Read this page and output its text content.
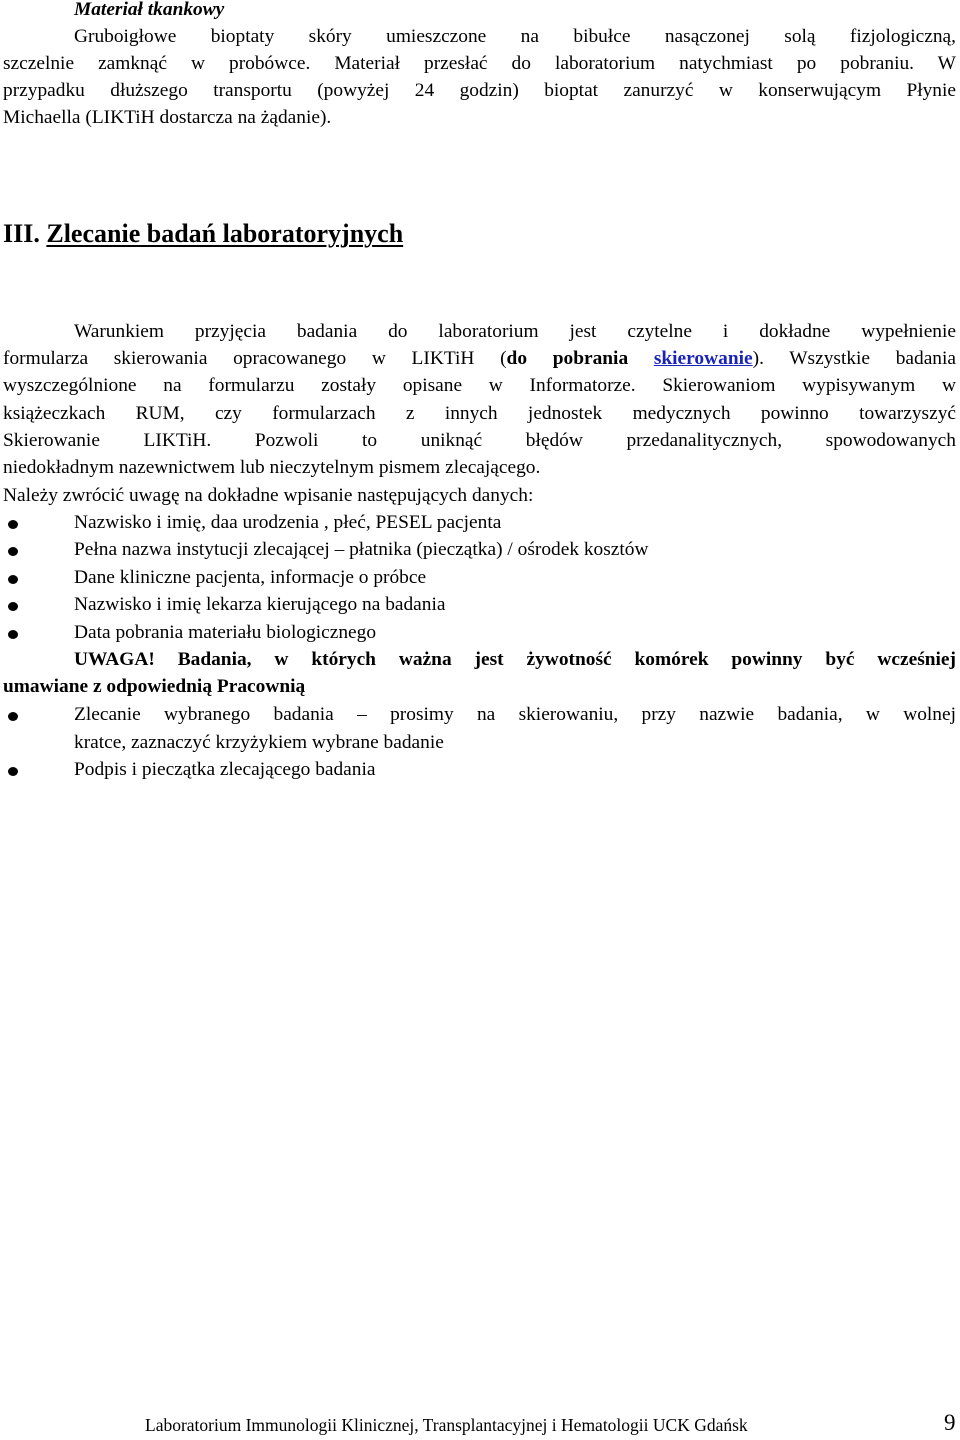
Materiał tkankowy
Gruboigłowe bioptaty skóry umieszczone na bibułce nasączonej solą fizjologiczną,
szczelnie zamknąć w probówce. Materiał przesłać do laboratorium natychmiast po pobraniu. W
przypadku dłuższego transportu (powyżej 24 godzin) bioptat zanurzyć w konserwującym Płynie
Michaella (LIKTiH dostarcza na żądanie).
III. Zlecanie badań laboratoryjnych
Warunkiem przyjęcia badania do laboratorium jest czytelne i dokładne wypełnienie
formularza skierowania opracowanego w LIKTiH (do pobrania skierowanie). Wszystkie badania
wyszczególnione na formularzu zostały opisane w Informatorze. Skierowaniom wypisywanym w
książeczkach RUM, czy formularzach z innych jednostek medycznych powinno towarzyszyć
Skierowanie LIKTiH. Pozwoli to uniknąć błędów przedanalitycznych, spowodowanych
niedokładnym nazewnictwem lub nieczytelnym pismem zlecającego.
Należy zwrócić uwagę na dokładne wpisanie następujących danych:
Nazwisko i imię, daa urodzenia , płeć, PESEL pacjenta
Pełna nazwa instytucji zlecającej – płatnika (pieczątka) / ośrodek kosztów
Dane kliniczne pacjenta, informacje o próbce
Nazwisko i imię lekarza kierującego na badania
Data pobrania materiału biologicznego
UWAGA! Badania, w których ważna jest żywotność komórek powinny być wcześniej
umawiane z odpowiednią Pracownią
Zlecanie wybranego badania – prosimy na skierowaniu, przy nazwie badania, w wolnej
kratce, zaznaczyć krzyżykiem wybrane badanie
Podpis i pieczątka zlecającego badania
Laboratorium Immunologii Klinicznej, Transplantacyjnej i Hematologii UCK Gdańsk	9
